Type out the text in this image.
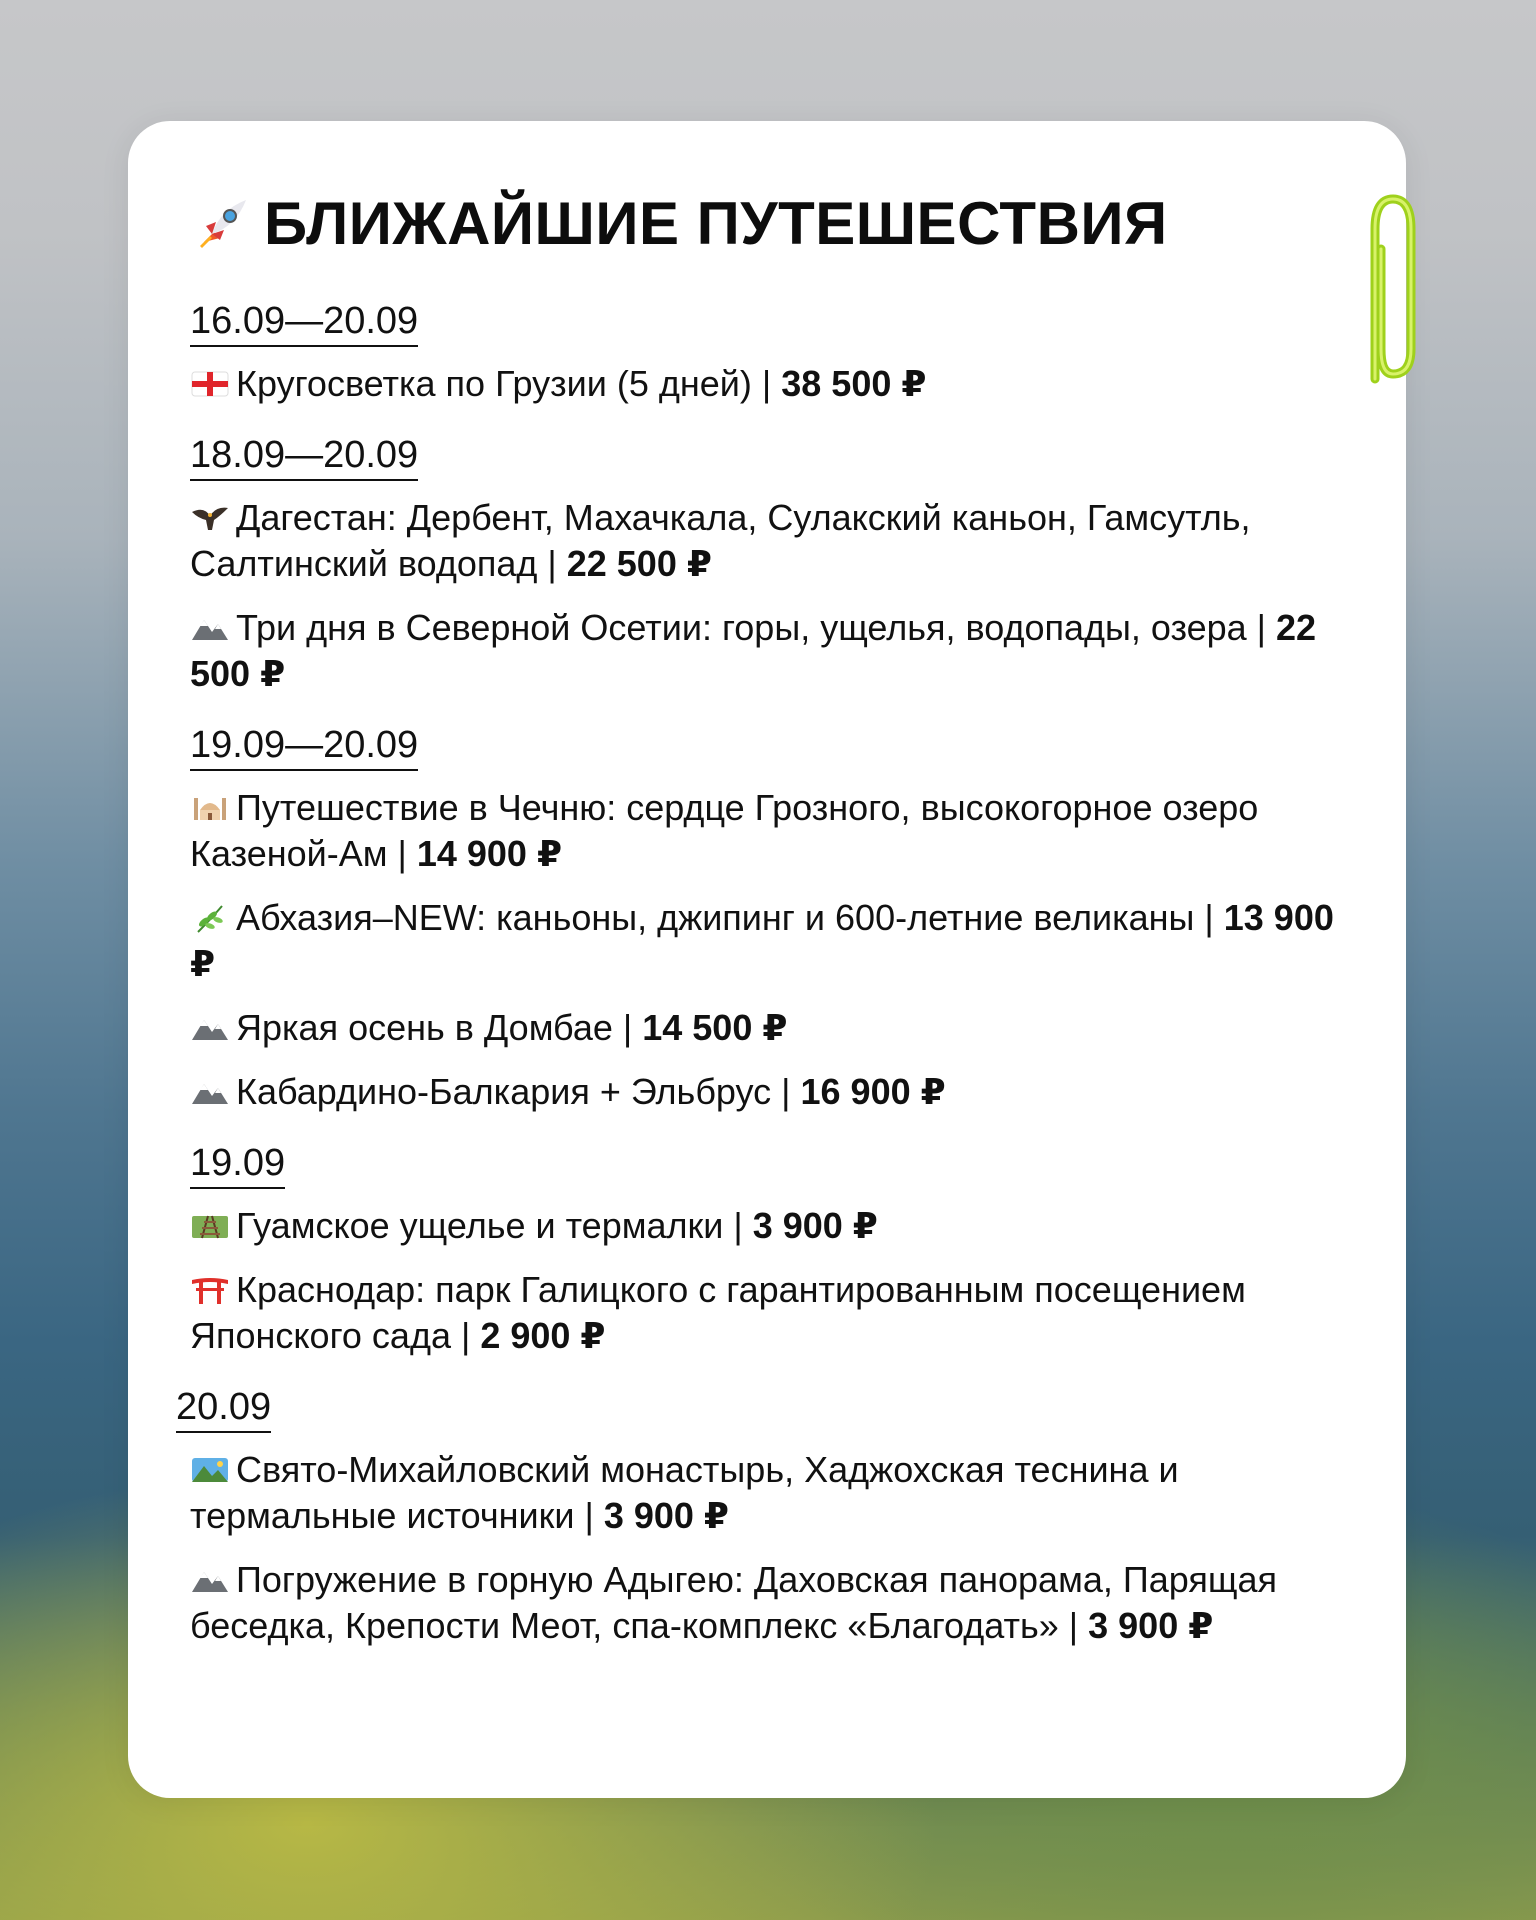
БЛИЖАЙШИЕ ПУТЕШЕСТВИЯ
16.09—20.09
Кругосветка по Грузии (5 дней) | 38 500 ₽
18.09—20.09
Дагестан: Дербент, Махачкала, Сулакский каньон, Гамсутль, Салтинский водопад | 22 500 ₽
Три дня в Северной Осетии: горы, ущелья, водопады, озера | 22 500 ₽
19.09—20.09
Путешествие в Чечню: сердце Грозного, высокогорное озеро Казеной-Ам | 14 900 ₽
Абхазия–NEW: каньоны, джипинг и 600-летние великаны | 13 900 ₽
Яркая осень в Домбае | 14 500 ₽
Кабардино-Балкария + Эльбрус | 16 900 ₽
19.09
Гуамское ущелье и термалки | 3 900 ₽
Краснодар: парк Галицкого с гарантированным посещением Японского сада | 2 900 ₽
20.09
Свято-Михайловский монастырь, Хаджохская теснина и термальные источники | 3 900 ₽
Погружение в горную Адыгею: Даховская панорама, Парящая беседка, Крепости Меот, спа-комплекс «Благодать» | 3 900 ₽
